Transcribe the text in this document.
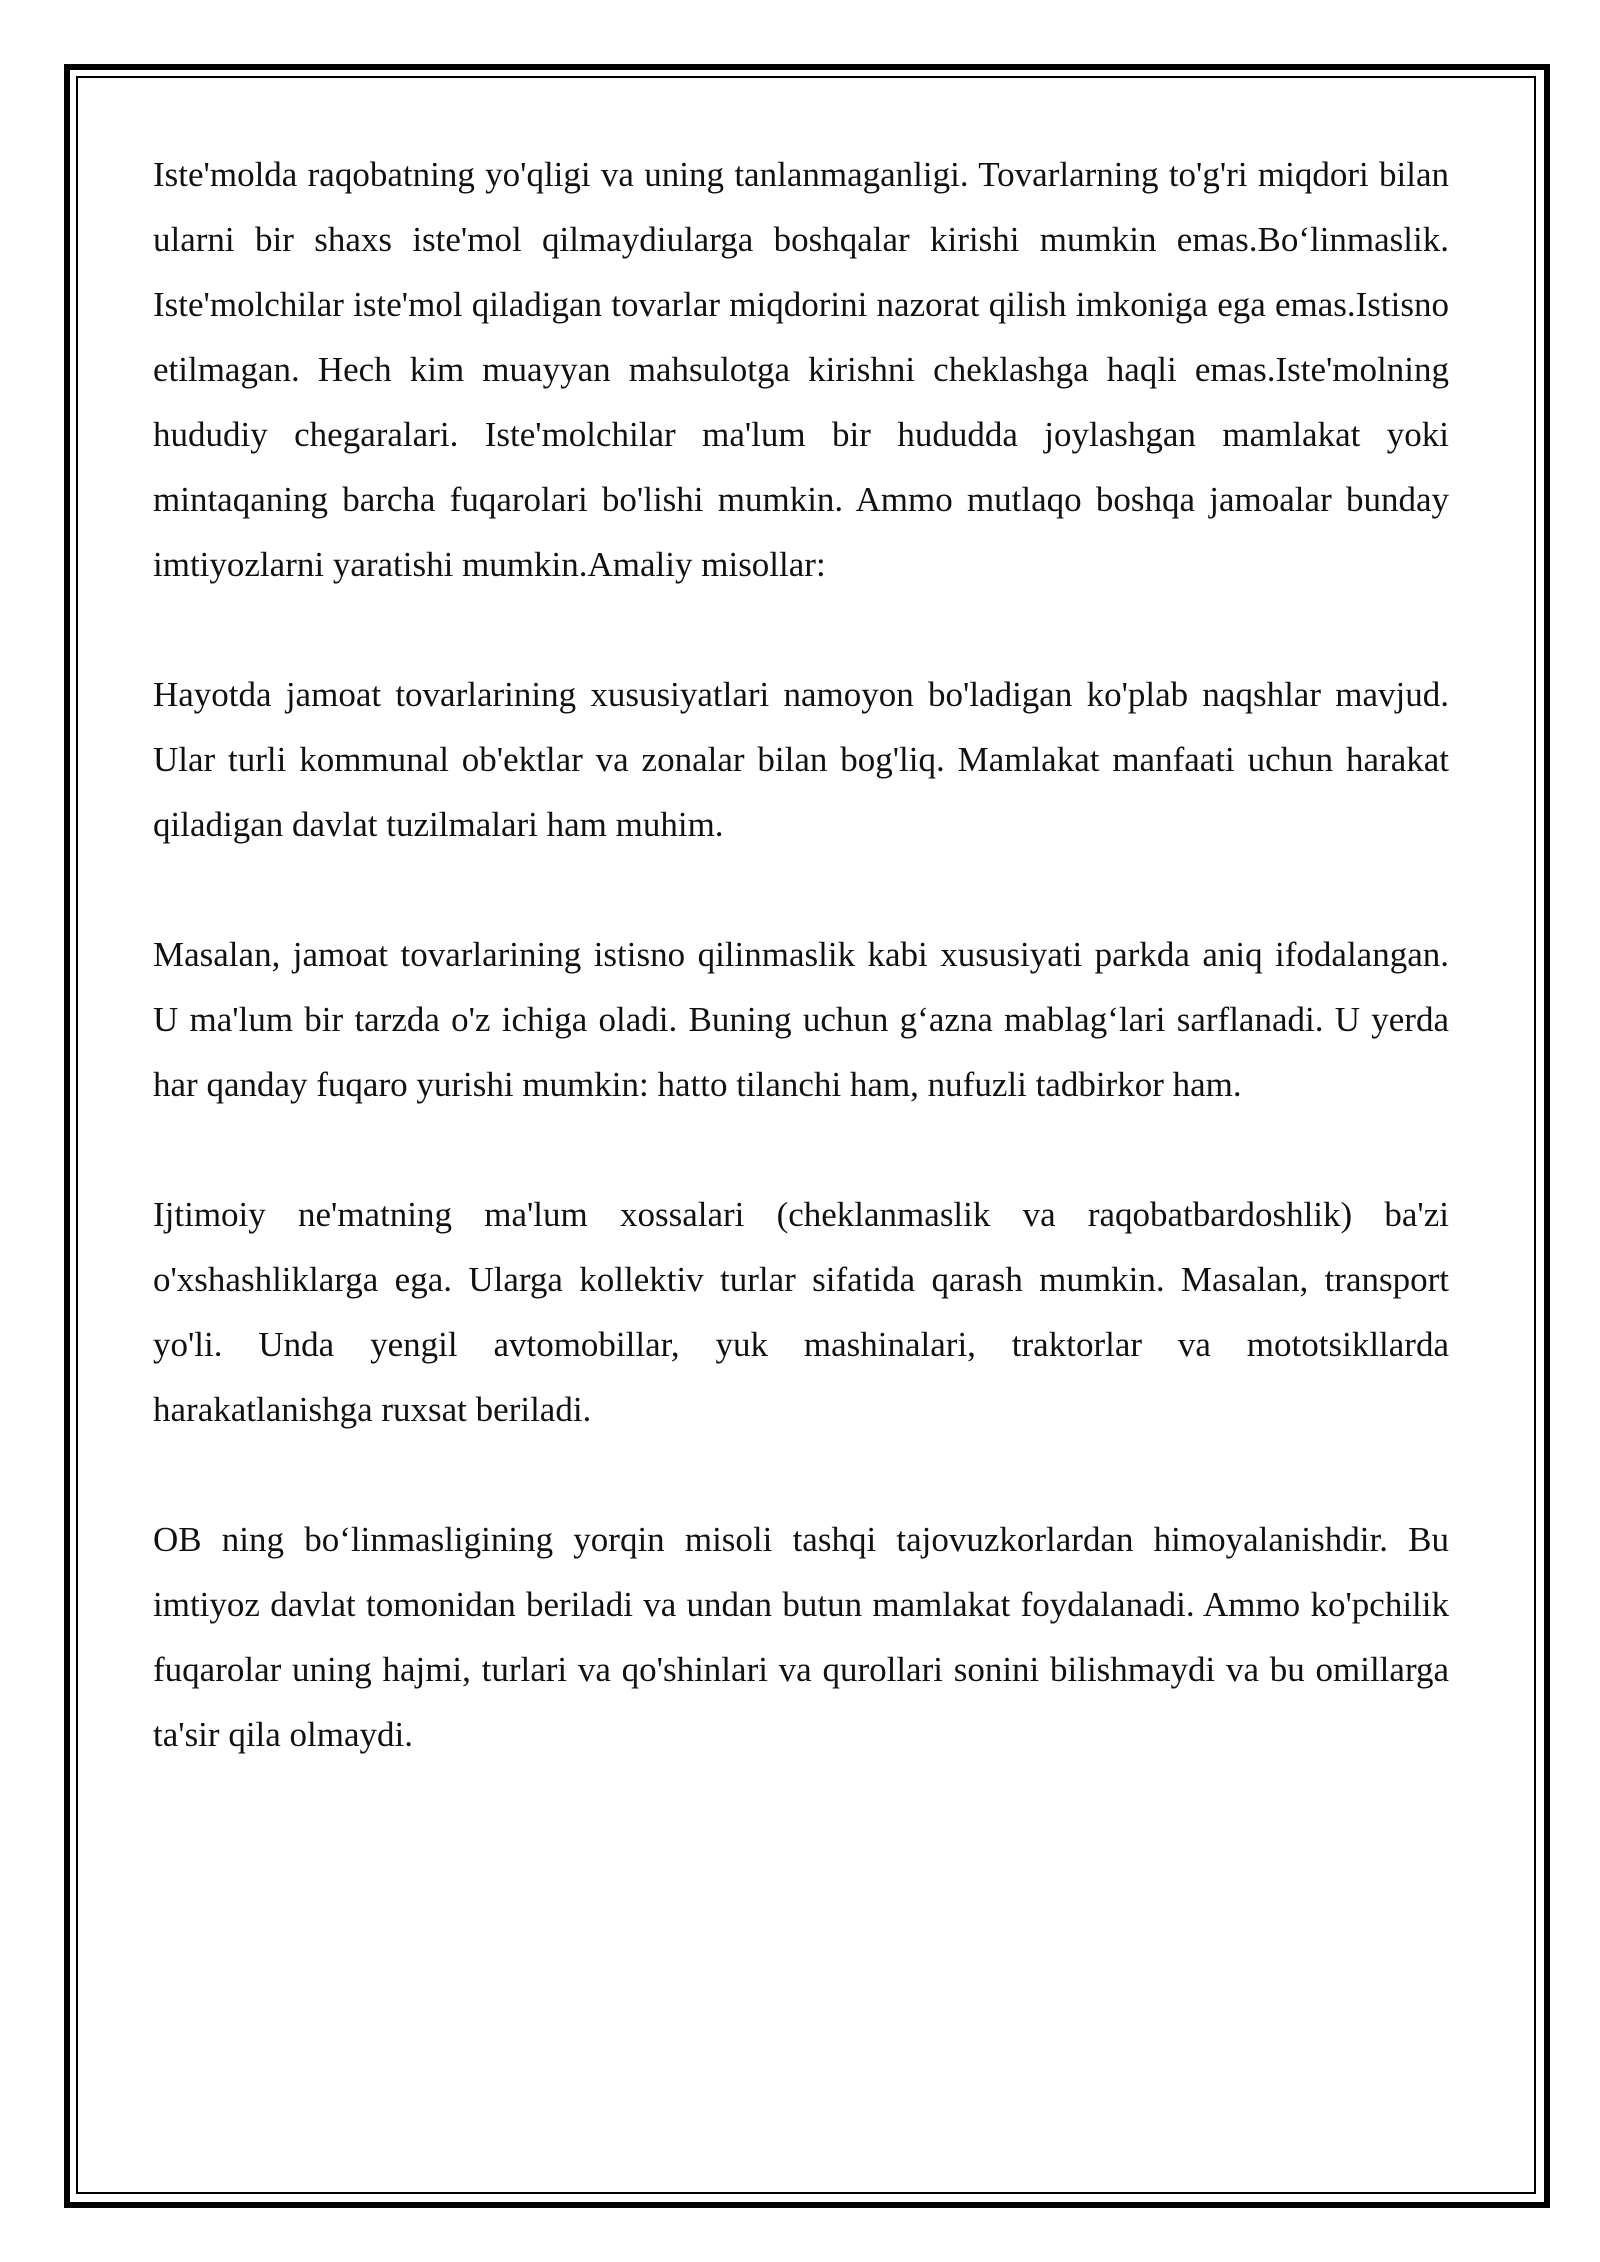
Iste'molda raqobatning yo'qligi va uning tanlanmaganligi. Tovarlarning to'g'ri miqdori bilan ularni bir shaxs iste'mol qilmaydiularga boshqalar kirishi mumkin emas.Bo‘linmaslik. Iste'molchilar iste'mol qiladigan tovarlar miqdorini nazorat qilish imkoniga ega emas.Istisno etilmagan. Hech kim muayyan mahsulotga kirishni cheklashga haqli emas.Iste'molning hududiy chegaralari. Iste'molchilar ma'lum bir hududda joylashgan mamlakat yoki mintaqaning barcha fuqarolari bo'lishi mumkin. Ammo mutlaqo boshqa jamoalar bunday imtiyozlarni yaratishi mumkin.Amaliy misollar:

Hayotda jamoat tovarlarining xususiyatlari namoyon bo'ladigan ko'plab naqshlar mavjud. Ular turli kommunal ob'ektlar va zonalar bilan bog'liq. Mamlakat manfaati uchun harakat qiladigan davlat tuzilmalari ham muhim.

Masalan, jamoat tovarlarining istisno qilinmaslik kabi xususiyati parkda aniq ifodalangan. U ma'lum bir tarzda o'z ichiga oladi. Buning uchun g‘azna mablag‘lari sarflanadi. U yerda har qanday fuqaro yurishi mumkin: hatto tilanchi ham, nufuzli tadbirkor ham.

Ijtimoiy ne'matning ma'lum xossalari (cheklanmaslik va raqobatbardoshlik) ba'zi o'xshashliklarga ega. Ularga kollektiv turlar sifatida qarash mumkin. Masalan, transport yo'li. Unda yengil avtomobillar, yuk mashinalari, traktorlar va mototsikllarda harakatlanishga ruxsat beriladi.

OB ning bo‘linmasligining yorqin misoli tashqi tajovuzkorlardan himoyalanishdir. Bu imtiyoz davlat tomonidan beriladi va undan butun mamlakat foydalanadi. Ammo ko'pchilik fuqarolar uning hajmi, turlari va qo'shinlari va qurollari sonini bilishmaydi va bu omillarga ta'sir qila olmaydi.
